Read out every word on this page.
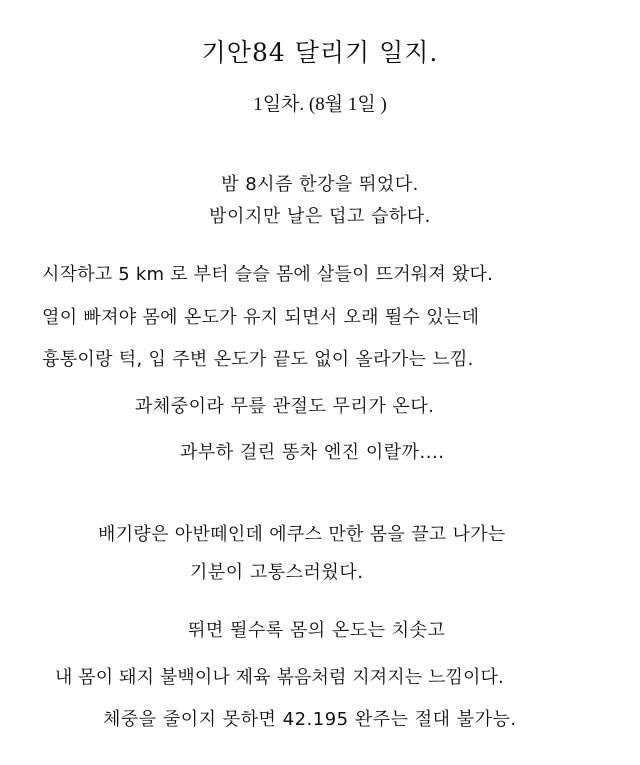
기안84 달리기 일지.
1일차. (8월 1일 )
밤 8시즘 한강을 뛰었다.
밤이지만 날은 덥고 습하다.
시작하고 5 km 로 부터 슬슬 몸에 살들이 뜨거워져 왔다.
열이 빠져야 몸에 온도가 유지 되면서 오래 뛸수 있는데
흉통이랑 턱, 입 주변 온도가 끝도 없이 올라가는 느낌.
과체중이라 무릎 관절도 무리가 온다.
과부하 걸린 똥차 엔진 이랄까....
배기량은 아반떼인데 에쿠스 만한 몸을 끌고 나가는
기분이 고통스러웠다.
뛰면 뛸수록 몸의 온도는 치솟고
내 몸이 돼지 불백이나 제육 볶음처럼 지져지는 느낌이다.
체중을 줄이지 못하면 42.195 완주는 절대 불가능.
